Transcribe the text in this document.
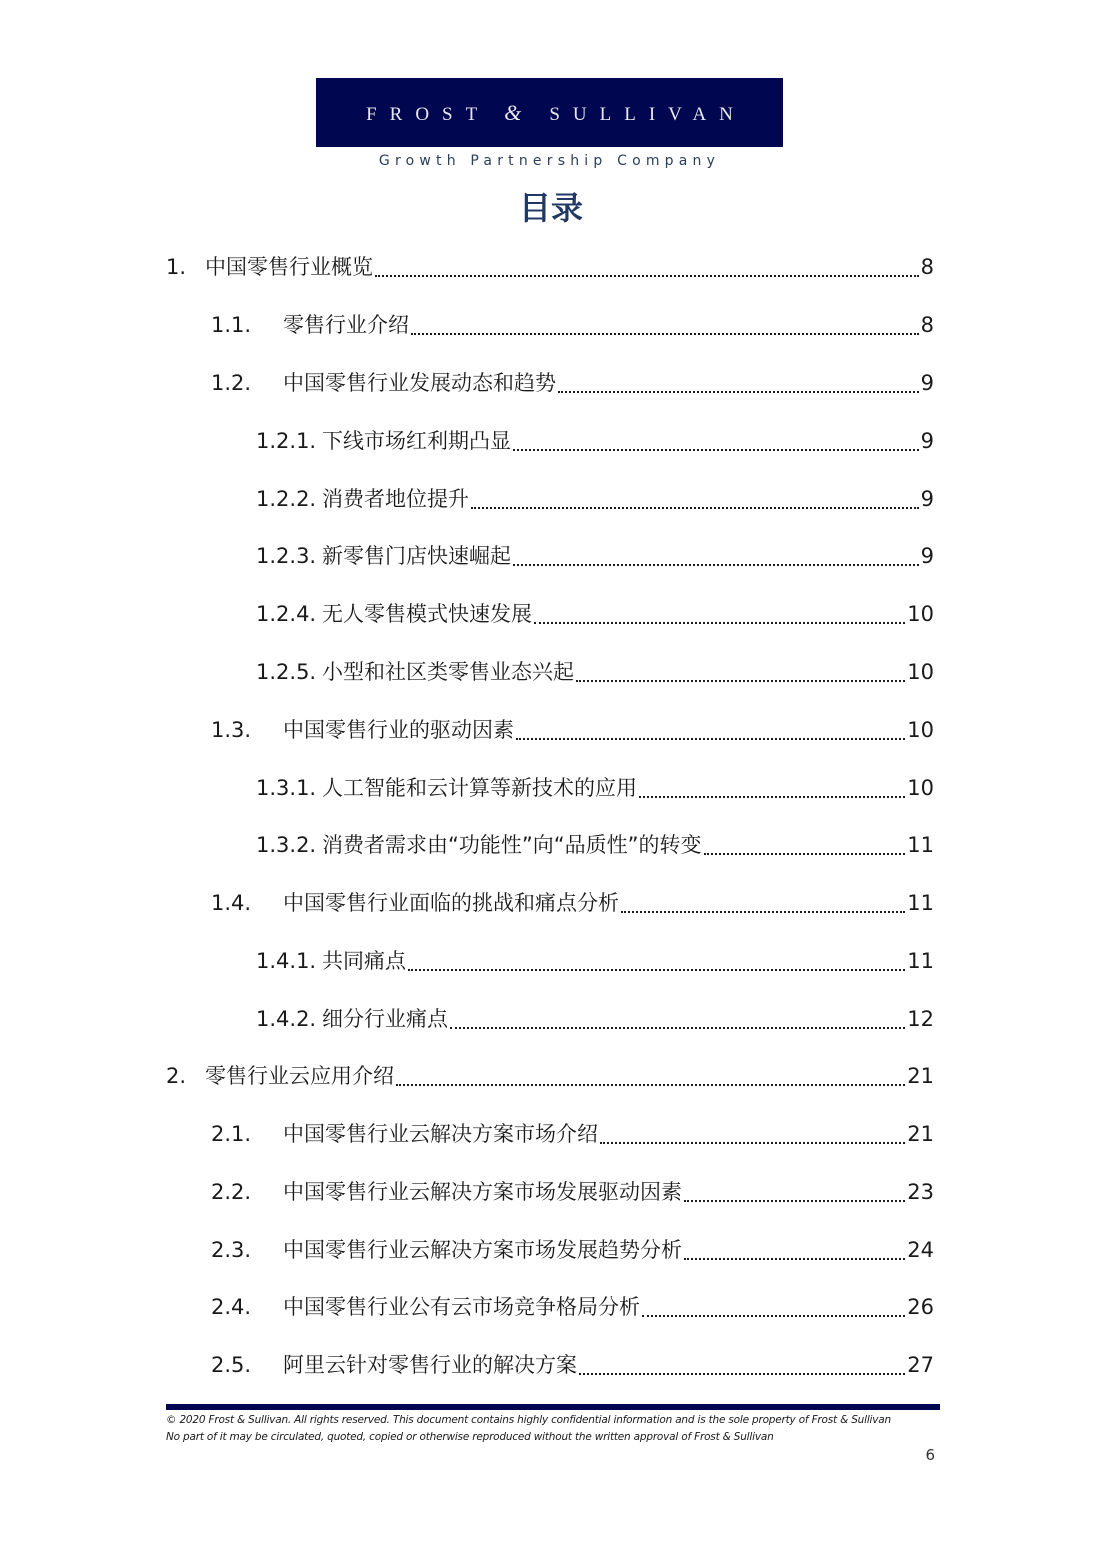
FROST & SULLIVAN
Growth Partnership Company
目录
1. 中国零售行业概览	8
1.1.	零售行业介绍	8
1.2.	中国零售行业发展动态和趋势	9
1.2.1. 下线市场红利期凸显	9
1.2.2. 消费者地位提升	9
1.2.3. 新零售门店快速崛起	9
1.2.4. 无人零售模式快速发展	10
1.2.5. 小型和社区类零售业态兴起	10
1.3.	中国零售行业的驱动因素	10
1.3.1. 人工智能和云计算等新技术的应用	10
1.3.2. 消费者需求由“功能性”向“品质性”的转变	11
1.4.	中国零售行业面临的挑战和痛点分析	11
1.4.1. 共同痛点	11
1.4.2. 细分行业痛点	12
2. 零售行业云应用介绍	21
2.1.	中国零售行业云解决方案市场介绍	21
2.2.	中国零售行业云解决方案市场发展驱动因素	23
2.3.	中国零售行业云解决方案市场发展趋势分析	24
2.4.	中国零售行业公有云市场竞争格局分析	26
2.5.	阿里云针对零售行业的解决方案	27
© 2020 Frost & Sullivan. All rights reserved. This document contains highly confidential information and is the sole property of Frost & Sullivan
No part of it may be circulated, quoted, copied or otherwise reproduced without the written approval of Frost & Sullivan
6
